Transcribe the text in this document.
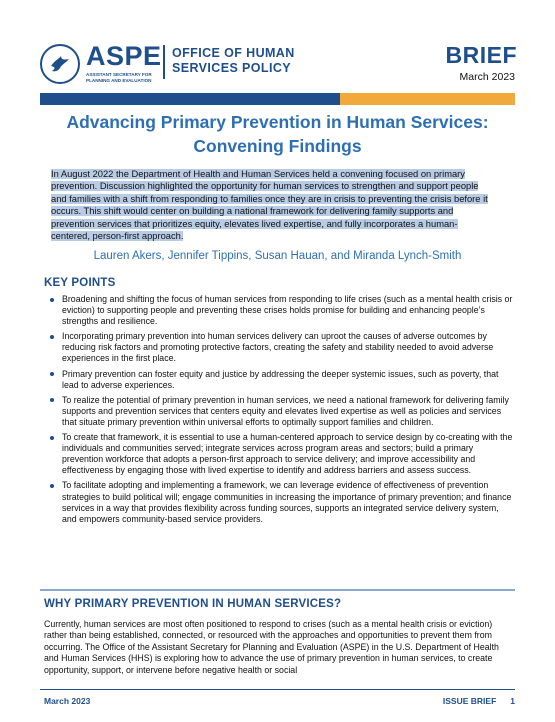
ASPE
ASSISTANT SECRETARY FOR PLANNING AND EVALUATION
OFFICE OF HUMAN
SERVICES POLICY	BRIEF
March 2023
Advancing Primary Prevention in Human Services:
Convening Findings
In August 2022 the Department of Health and Human Services held a convening focused on primary
prevention. Discussion highlighted the opportunity for human services to strengthen and support people
and families with a shift from responding to families once they are in crisis to preventing the crisis before it
occurs. This shift would center on building a national framework for delivering family supports and
prevention services that prioritizes equity, elevates lived expertise, and fully incorporates a human-
centered, person-first approach.
Lauren Akers, Jennifer Tippins, Susan Hauan, and Miranda Lynch-Smith
KEY POINTS
Broadening and shifting the focus of human services from responding to life crises (such as a mental health crisis or eviction) to supporting people and preventing these crises holds promise for building and enhancing people’s strengths and resilience.
Incorporating primary prevention into human services delivery can uproot the causes of adverse outcomes by reducing risk factors and promoting protective factors, creating the safety and stability needed to avoid adverse experiences in the first place.
Primary prevention can foster equity and justice by addressing the deeper systemic issues, such as poverty, that lead to adverse experiences.
To realize the potential of primary prevention in human services, we need a national framework for delivering family supports and prevention services that centers equity and elevates lived expertise as well as policies and services that situate primary prevention within universal efforts to optimally support families and children.
To create that framework, it is essential to use a human-centered approach to service design by co-creating with the individuals and communities served; integrate services across program areas and sectors; build a primary prevention workforce that adopts a person-first approach to service delivery; and improve accessibility and effectiveness by engaging those with lived expertise to identify and address barriers and assess success.
To facilitate adopting and implementing a framework, we can leverage evidence of effectiveness of prevention strategies to build political will; engage communities in increasing the importance of primary prevention; and finance services in a way that provides flexibility across funding sources, supports an integrated service delivery system, and empowers community-based service providers.
WHY PRIMARY PREVENTION IN HUMAN SERVICES?
Currently, human services are most often positioned to respond to crises (such as a mental health crisis or eviction) rather than being established, connected, or resourced with the approaches and opportunities to prevent them from occurring. The Office of the Assistant Secretary for Planning and Evaluation (ASPE) in the U.S. Department of Health and Human Services (HHS) is exploring how to advance the use of primary prevention in human services, to create opportunity, support, or intervene before negative health or social
March 2023	ISSUE BRIEF 1
